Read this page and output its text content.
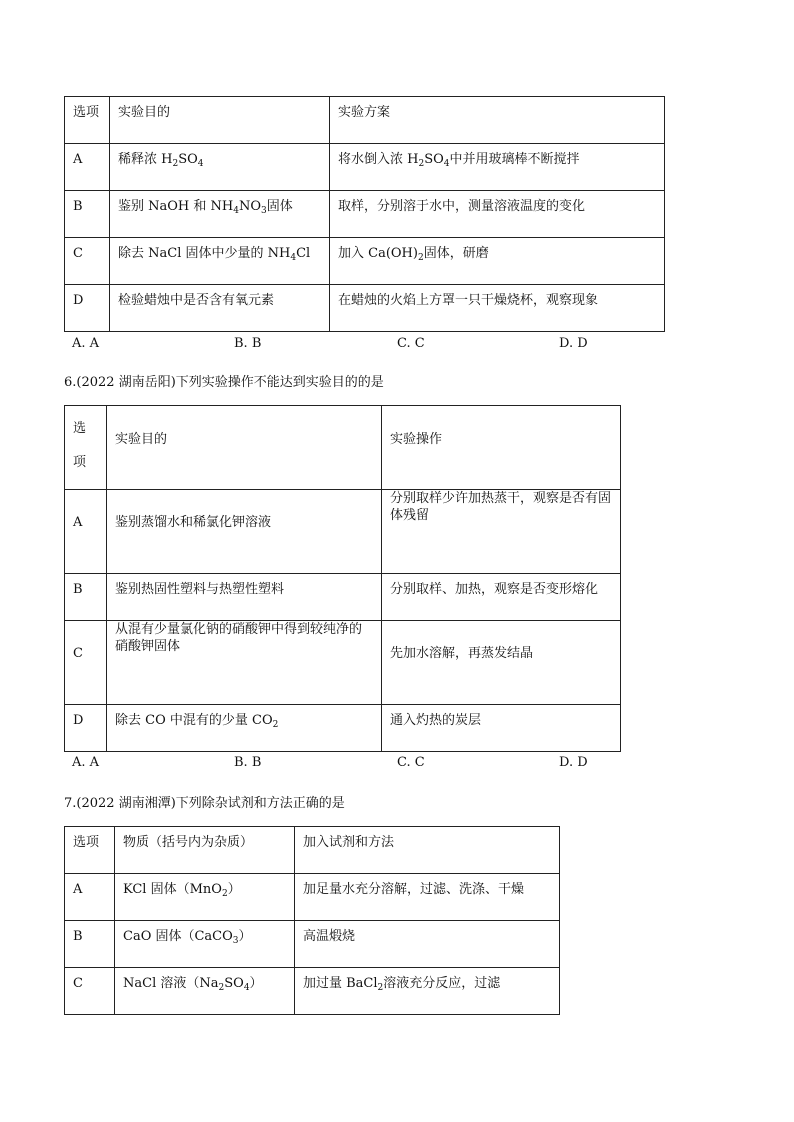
选项	实验目的	实验方案
A	稀释浓 $H_2SO_4$	将水倒入浓 $H_2SO_4$中并用玻璃棒不断搅拌
B	鉴别 NaOH 和 $NH_4NO_3$固体	取样，分别溶于水中，测量溶液温度的变化
C	除去 NaCl 固体中少量的 $NH_4Cl$	加入 $Ca(OH)_2$固体，研磨
D	检验蜡烛中是否含有氧元素	在蜡烛的火焰上方罩一只干燥烧杯，观察现象
A. A	B. B	C. C	D. D
6.(2022 湖南岳阳)下列实验操作不能达到实验目的的是
选
项	实验目的	实验操作
A	鉴别蒸馏水和稀氯化钾溶液	分别取样少许加热蒸干，观察是否有固体残留
B	鉴别热固性塑料与热塑性塑料	分别取样、加热，观察是否变形熔化
C	从混有少量氯化钠的硝酸钾中得到较纯净的硝酸钾固体	先加水溶解，再蒸发结晶
D	除去 CO 中混有的少量 $CO_2$	通入灼热的炭层
A. A	B. B	C. C	D. D
7.(2022 湖南湘潭)下列除杂试剂和方法正确的是
选项	物质（括号内为杂质）	加入试剂和方法
A	KCl 固体（MnO$_2$）	加足量水充分溶解，过滤、洗涤、干燥
B	CaO 固体（CaCO$_3$）	高温煅烧
C	NaCl 溶液$(Na_2SO_4)$	加过量 BaCl$_2$溶液充分反应，过滤
